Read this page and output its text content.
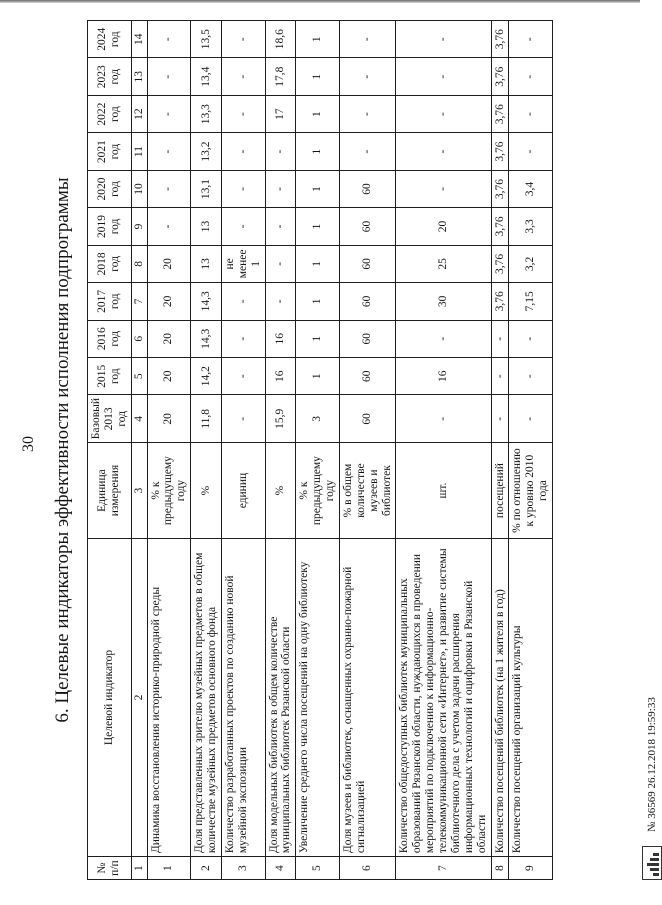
30 6. Целевые индикаторы эффективности исполнения подпрограммы
№ п/п	Целевой индикатор	Единица измерения	Базовый 2013 год	2015 год	2016 год	2017 год	2018 год	2019 год	2020 год	2021 год	2022 год	2023 год	2024 год
1	2	3	4	5	6	7	8	9	10	11	12	13	14
1	Динамика восстановления историко-природной среды	% к предыдущему году	20	20	20	20	20	-	-	-	-	-	-
2	Доля представленных зрителю музейных предметов в общем количестве музейных предметов основного фонда	%	11,8	14,2	14,3	14,3	13	13	13,1	13,2	13,3	13,4	13,5
3	Количество разработанных проектов по созданию новой музейной экспозиции	единиц	-	-	-	-	не менее 1	-	-	-	-	-	-
4	Доля модельных библиотек в общем количестве муниципальных библиотек Рязанской области	%	15,9	16	16	-	-	-	-	-	17	17,8	18,6
5	Увеличение среднего числа посещений на одну библиотеку	% к предыдущему году	3	1	1	1	1	1	1	1	1	1	1
6	Доля музеев и библиотек, оснащенных охранно-пожарной сигнализацией	% в общем количестве музеев и библиотек	60	60	60	60	60	60	60	-	-	-	-
7	Количество общедоступных библиотек муниципальных образований Рязанской области, нуждающихся в проведении мероприятий по подключению к информационно-телекоммуникационной сети «Интернет», и развитие системы библиотечного дела с учетом задачи расширения информационных технологий и оцифровки в Рязанской области	шт.	-	16	-	30	25	20	-	-	-	-	-
8	Количество посещений библиотек (на 1 жителя в год)	посещений	-	-	-	3,76	3,76	3,76	3,76	3,76	3,76	3,76	3,76
9	Количество посещений организаций культуры	% по отношению к уровню 2010 года	-	-	-	7,15	3,2	3,3	3,4	-	-	-	-
№ 36569 26.12.2018 19:59:33
